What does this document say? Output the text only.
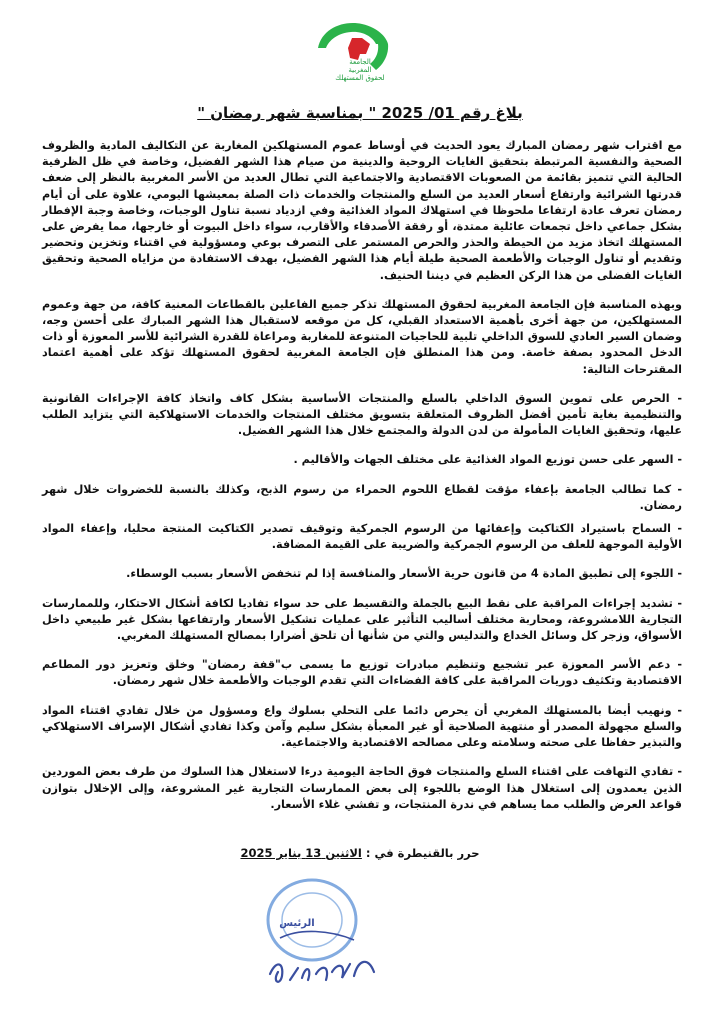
الجامعة
المغربية
لحقوق المستهلك
بلاغ رقم 01/ 2025 " بمناسبة شهر رمضان "

مع اقتراب شهر رمضان المبارك يعود الحديث في أوساط عموم المستهلكين المغاربة عن التكاليف المادية والظروف الصحية والنفسية المرتبطة بتحقيق الغايات الروحية والدينية من صيام هذا الشهر الفضيل، وخاصة في ظل الظرفية الحالية التي تتميز بقائمة من الصعوبات الاقتصادية والاجتماعية التي تطال العديد من الأسر المغربية بالنظر إلى ضعف قدرتها الشرائية وارتفاع أسعار العديد من السلع والمنتجات والخدمات ذات الصلة بمعيشها اليومي، علاوة على أن أيام رمضان تعرف عادة ارتفاعا ملحوظا في استهلاك المواد الغذائية وفي ازدياد نسبة تناول الوجبات، وخاصة وجبة الإفطار بشكل جماعي داخل تجمعات عائلية ممتدة، أو رفقة الأصدقاء والأقارب، سواء داخل البيوت أو خارجها، مما يفرض على المستهلك اتخاذ مزيد من الحيطة والحذر والحرص المستمر على التصرف بوعي ومسؤولية في اقتناء وتخزين وتحضير وتقديم أو تناول الوجبات والأطعمة الصحية طيلة أيام هذا الشهر الفضيل، بهدف الاستفادة من مزاياه الصحية وتحقيق الغايات الفضلى من هذا الركن العظيم في ديننا الحنيف.

وبهذه المناسبة فإن الجامعة المغربية لحقوق المستهلك تذكر جميع الفاعلين بالقطاعات المعنية كافة، من جهة وعموم المستهلكين، من جهة أخرى بأهمية الاستعداد القبلي، كل من موقعه لاستقبال هذا الشهر المبارك على أحسن وجه، وضمان السير العادي للسوق الداخلي تلبية للحاجيات المتنوعة للمغاربة ومراعاة للقدرة الشرائية للأسر المعوزة أو ذات الدخل المحدود بصفة خاصة. ومن هذا المنطلق فإن الجامعة المغربية لحقوق المستهلك تؤكد على أهمية اعتماد المقترحات التالية:

- الحرص على تموين السوق الداخلي بالسلع والمنتجات الأساسية بشكل كاف واتخاذ كافة الإجراءات القانونية والتنظيمية بغاية تأمين أفضل الظروف المتعلقة بتسويق مختلف المنتجات والخدمات الاستهلاكية التي يتزايد الطلب عليها، وتحقيق الغايات المأمولة من لدن الدولة والمجتمع خلال هذا الشهر الفضيل.

- السهر على حسن توزيع المواد الغذائية على مختلف الجهات والأقاليم .

- كما تطالب الجامعة بإعفاء مؤقت لقطاع اللحوم الحمراء من رسوم الذبح، وكذلك بالنسبة للخضروات خلال شهر رمضان.

- السماح باستيراد الكتاكيت وإعفائها من الرسوم الجمركية وتوقيف تصدير الكتاكيت المنتجة محليا، وإعفاء المواد الأولية الموجهة للعلف من الرسوم الجمركية والضريبة على القيمة المضافة.

- اللجوء إلى تطبيق المادة 4 من قانون حرية الأسعار والمنافسة إذا لم تنخفض الأسعار بسبب الوسطاء.

- تشديد إجراءات المراقبة على نقط البيع بالجملة والتقسيط على حد سواء تفاديا لكافة أشكال الاحتكار، وللممارسات التجارية اللامشروعة، ومحاربة مختلف أساليب التأثير على عمليات تشكيل الأسعار وارتفاعها بشكل غير طبيعي داخل الأسواق، وزجر كل وسائل الخداع والتدليس والتي من شأنها أن تلحق أضرارا بمصالح المستهلك المغربي.

- دعم الأسر المعوزة عبر تشجيع وتنظيم مبادرات توزيع ما يسمى ب"قفة رمضان" وخلق وتعزيز دور المطاعم الاقتصادية وتكثيف دوريات المراقبة على كافة الفضاءات التي تقدم الوجبات والأطعمة خلال شهر رمضان.

- ونهيب أيضا بالمستهلك المغربي أن يحرص دائما على التحلي بسلوك واع ومسؤول من خلال تفادي اقتناء المواد والسلع مجهولة المصدر أو منتهية الصلاحية أو غير المعبأة بشكل سليم وآمن وكذا تفادي أشكال الإسراف الاستهلاكي والتبذير حفاظا على صحته وسلامته وعلى مصالحه الاقتصادية والاجتماعية.

- تفادي التهافت على اقتناء السلع والمنتجات فوق الحاجة اليومية درءا لاستغلال هذا السلوك من طرف بعض الموردين الذين يعمدون إلى استغلال هذا الوضع باللجوء إلى بعض الممارسات التجارية غير المشروعة، وإلى الإخلال بتوازن قواعد العرض والطلب مما يساهم في ندرة المنتجات، و تفشي غلاء الأسعار.

حرر بالقنيطرة في : الاثنين 13 يناير 2025
الرئيس
